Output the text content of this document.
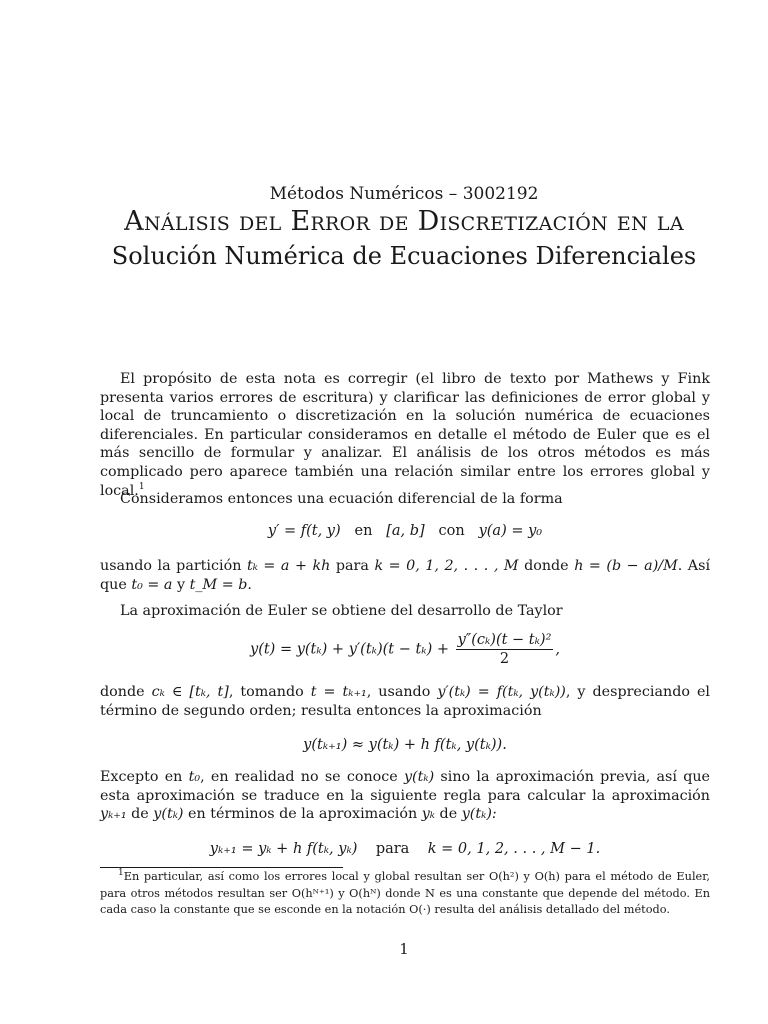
Métodos Numéricos – 3002192
Análisis del Error de Discretización en la
Solución Numérica de Ecuaciones Diferenciales

El propósito de esta nota es corregir (el libro de texto por Mathews y Fink presenta varios errores de escritura) y clarificar las definiciones de error global y local de truncamiento o discretización en la solución numérica de ecuaciones diferenciales. En particular consideramos en detalle el método de Euler que es el más sencillo de formular y analizar. El análisis de los otros métodos es más complicado pero aparece también una relación similar entre los errores global y local.$^1$

Consideramos entonces una ecuación diferencial de la forma

y′ = f(t, y) en [a, b] con y(a) = y₀

usando la partición tₖ = a + kh para k = 0, 1, 2, . . . , M donde h = (b − a)/M. Así que t₀ = a y t_M = b.

La aproximación de Euler se obtiene del desarrollo de Taylor

$y(t) = y(t_k) + y'(t_k)(t - t_k) + \frac{\text{y″(cₖ)(t − tₖ)²}}{2}$ ,

donde cₖ ∈ [tₖ, t], tomando t = tₖ₊₁, usando y′(tₖ) = f(tₖ, y(tₖ)), y despreciando el término de segundo orden; resulta entonces la aproximación

y(tₖ₊₁) ≈ y(tₖ) + h f(tₖ, y(tₖ)).

Excepto en t₀, en realidad no se conoce y(tₖ) sino la aproximación previa, así que esta aproximación se traduce en la siguiente regla para calcular la aproximación yₖ₊₁ de y(tₖ) en términos de la aproximación yₖ de y(tₖ):

yₖ₊₁ = yₖ + h f(tₖ, yₖ) para k = 0, 1, 2, . . . , M − 1.

$^1$En particular, así como los errores local y global resultan ser O(h²) y O(h) para el método de Euler, para otros métodos resultan ser O(hᴺ⁺¹) y O(hᴺ) donde N es una constante que depende del método. En cada caso la constante que se esconde en la notación O(·) resulta del análisis detallado del método.

1
